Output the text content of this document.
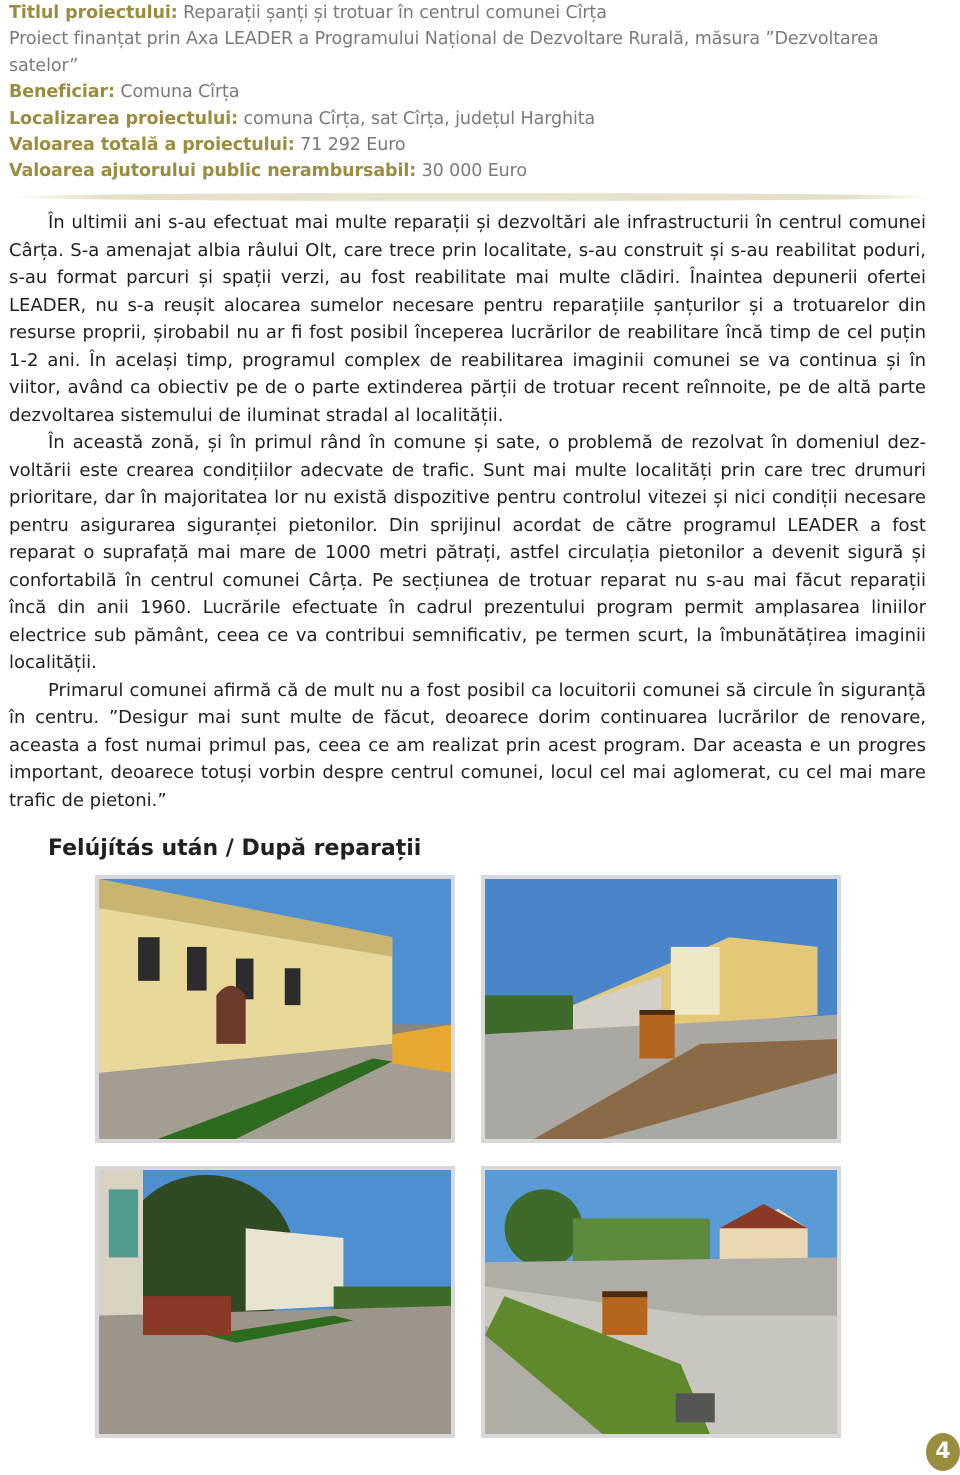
Titlul proiectului: Reparații șanți și trotuar în centrul comunei Cîrța
Proiect finanțat prin Axa LEADER a Programului Național de Dezvoltare Rurală, măsura ”Dezvoltarea satelor”
Beneficiar: Comuna Cîrța
Localizarea proiectului: comuna Cîrța, sat Cîrța, județul Harghita
Valoarea totală a proiectului: 71 292 Euro
Valoarea ajutorului public nerambursabil: 30 000 Euro

În ultimii ani s-au efectuat mai multe reparații și dezvoltări ale infrastructurii în centrul comunei Cârța. S-a amenajat albia râului Olt, care trece prin localitate, s-au construit și s-au reabilitat poduri, s-au format parcuri și spații verzi, au fost reabilitate mai multe clădiri. Înaintea depunerii ofertei LEADER, nu s-a reușit alocarea sumelor necesare pentru reparațiile șanțurilor și a trotuarelor din resurse proprii, șirobabil nu ar fi fost posibil începerea lucrărilor de reabilitare încă timp de cel puțin 1-2 ani. În același timp, programul complex de reabilitarea imaginii comunei se va continua și în viitor, având ca obiectiv pe de o parte extinderea părții de trotuar recent reînnoite, pe de altă parte dezvoltarea sistemului de iluminat stradal al localității.

În această zonă, și în primul rând în comune și sate, o problemă de rezolvat în domeniul dezvoltării este crearea condițiilor adecvate de trafic. Sunt mai multe localități prin care trec drumuri prioritare, dar în majoritatea lor nu există dispozitive pentru controlul vitezei și nici condiții necesare pentru asigurarea siguranței pietonilor. Din sprijinul acordat de către programul LEADER a fost reparat o suprafață mai mare de 1000 metri pătrați, astfel circulația pietonilor a devenit sigură și confortabilă în centrul comunei Cârța. Pe secțiunea de trotuar reparat nu s-au mai făcut reparații încă din anii 1960. Lucrările efectuate în cadrul prezentului program permit amplasarea liniilor electrice sub pământ, ceea ce va contribui semnificativ, pe termen scurt, la îmbunătățirea imaginii localității.

Primarul comunei afirmă că de mult nu a fost posibil ca locuitorii comunei să circule în siguranță în centru. ”Desigur mai sunt multe de făcut, deoarece dorim continuarea lucrărilor de renovare, aceasta a fost numai primul pas, ceea ce am realizat prin acest program. Dar aceasta e un progres important, deoarece totuși vorbin despre centrul comunei, locul cel mai aglomerat, cu cel mai mare trafic de pietoni.”

Felújítás után / După reparații
4
